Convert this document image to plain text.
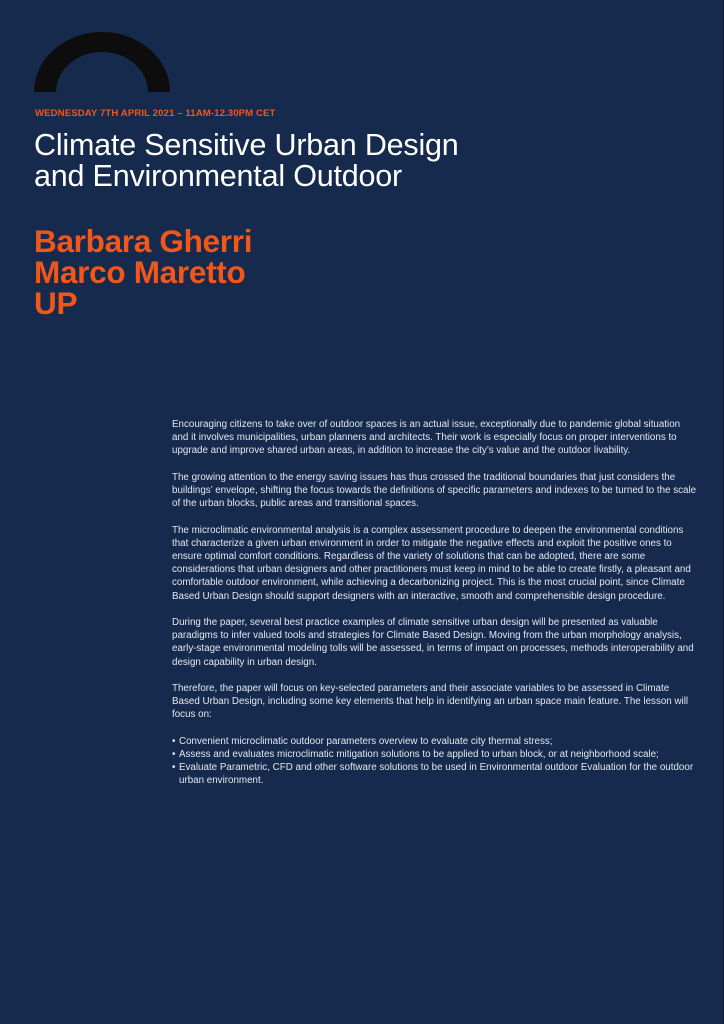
WEDNESDAY 7TH APRIL 2021 – 11AM-12.30PM CET
Climate Sensitive Urban Design
and Environmental Outdoor
Barbara Gherri
Marco Maretto
UP

Encouraging citizens to take over of outdoor spaces is an actual issue, exceptionally due to pandemic global situation and it involves municipalities, urban planners and architects. Their work is especially focus on proper interventions to upgrade and improve shared urban areas, in addition to increase the city’s value and the outdoor livability.

The growing attention to the energy saving issues has thus crossed the traditional boundaries that just considers the buildings’ envelope, shifting the focus towards the definitions of specific parameters and indexes to be turned to the scale of the urban blocks, public areas and transitional spaces.

The microclimatic environmental analysis is a complex assessment procedure to deepen the environmental conditions that characterize a given urban environment in order to mitigate the negative effects and exploit the positive ones to ensure optimal comfort conditions. Regardless of the variety of solutions that can be adopted, there are some considerations that urban designers and other practitioners must keep in mind to be able to create firstly, a pleasant and comfortable outdoor environment, while achieving a decarbonizing project. This is the most crucial point, since Climate Based Urban Design should support designers with an interactive, smooth and comprehensible design procedure.

During the paper, several best practice examples of climate sensitive urban design will be presented as valuable paradigms to infer valued tools and strategies for Climate Based Design. Moving from the urban morphology analysis, early-stage environmental modeling tolls will be assessed, in terms of impact on processes, methods interoperability and design capability in urban design.

Therefore, the paper will focus on key-selected parameters and their associate variables to be assessed in Climate Based Urban Design, including some key elements that help in identifying an urban space main feature. The lesson will focus on:

• Convenient microclimatic outdoor parameters overview to evaluate city thermal stress;
• Assess and evaluates microclimatic mitigation solutions to be applied to urban block, or at neighborhood scale;
• Evaluate Parametric, CFD and other software solutions to be used in Environmental outdoor Evaluation for the outdoor urban environment.
